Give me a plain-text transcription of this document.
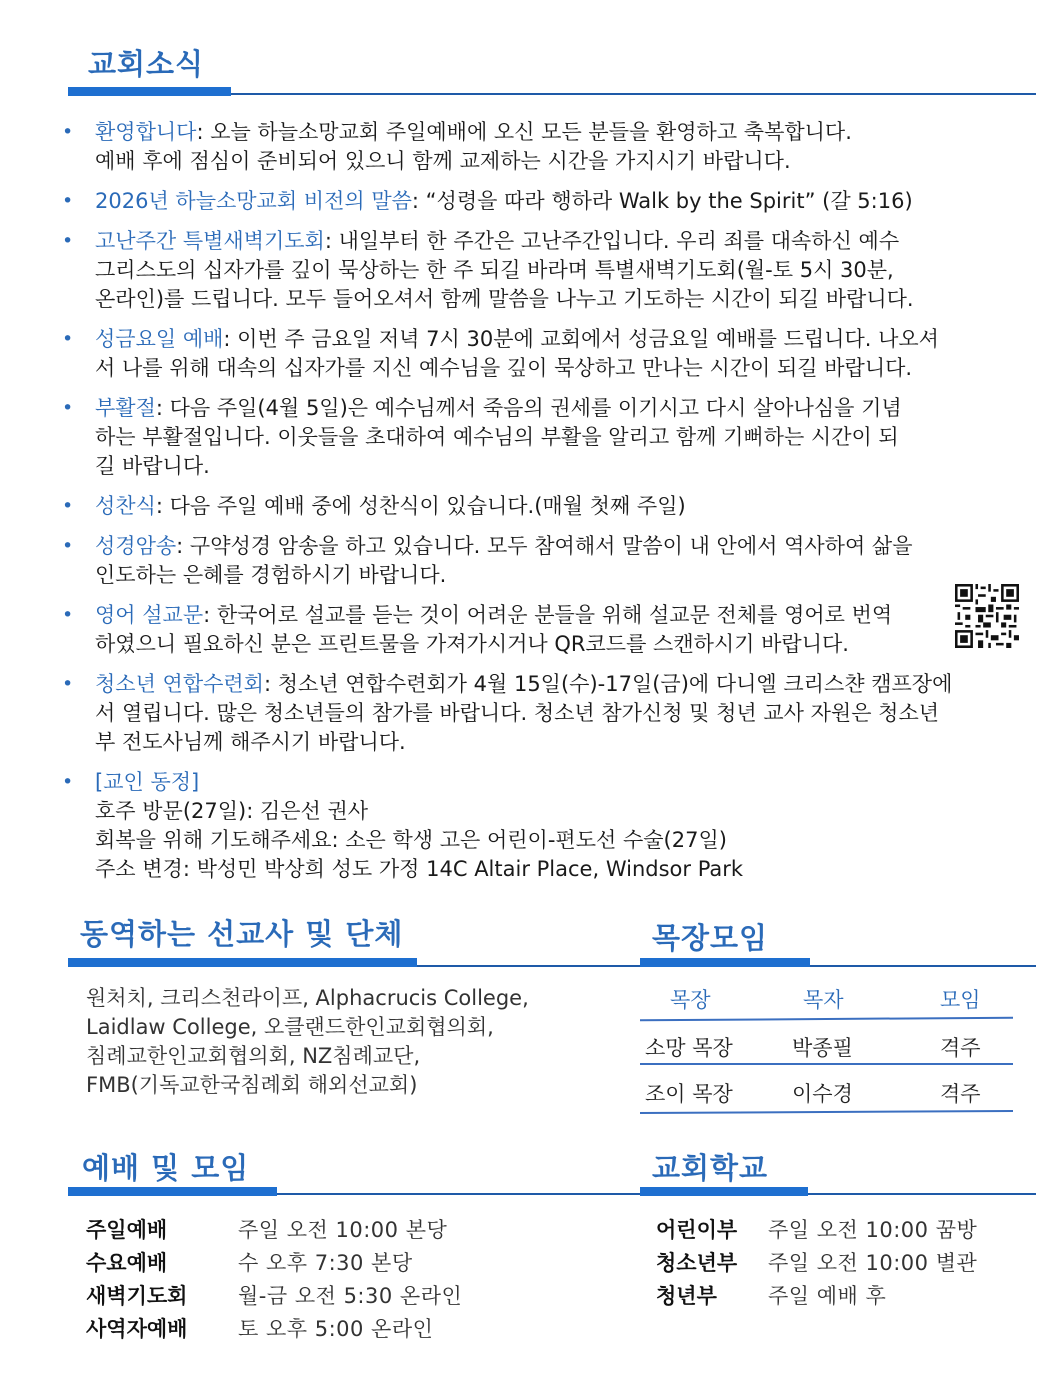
교회소식
• 환영합니다: 오늘 하늘소망교회 주일예배에 오신 모든 분들을 환영하고 축복합니다.
예배 후에 점심이 준비되어 있으니 함께 교제하는 시간을 가지시기 바랍니다.
• 2026년 하늘소망교회 비전의 말씀: “성령을 따라 행하라 Walk by the Spirit” (갈 5:16)
• 고난주간 특별새벽기도회: 내일부터 한 주간은 고난주간입니다. 우리 죄를 대속하신 예수
그리스도의 십자가를 깊이 묵상하는 한 주 되길 바라며 특별새벽기도회(월-토 5시 30분,
온라인)를 드립니다. 모두 들어오셔서 함께 말씀을 나누고 기도하는 시간이 되길 바랍니다.
• 성금요일 예배: 이번 주 금요일 저녁 7시 30분에 교회에서 성금요일 예배를 드립니다. 나오셔
서 나를 위해 대속의 십자가를 지신 예수님을 깊이 묵상하고 만나는 시간이 되길 바랍니다.
• 부활절: 다음 주일(4월 5일)은 예수님께서 죽음의 권세를 이기시고 다시 살아나심을 기념
하는 부활절입니다. 이웃들을 초대하여 예수님의 부활을 알리고 함께 기뻐하는 시간이 되
길 바랍니다.
• 성찬식: 다음 주일 예배 중에 성찬식이 있습니다.(매월 첫째 주일)
• 성경암송: 구약성경 암송을 하고 있습니다. 모두 참여해서 말씀이 내 안에서 역사하여 삶을
인도하는 은혜를 경험하시기 바랍니다.
• 영어 설교문: 한국어로 설교를 듣는 것이 어려운 분들을 위해 설교문 전체를 영어로 번역
하였으니 필요하신 분은 프린트물을 가져가시거나 QR코드를 스캔하시기 바랍니다.
• 청소년 연합수련회: 청소년 연합수련회가 4월 15일(수)-17일(금)에 다니엘 크리스챤 캠프장에
서 열립니다. 많은 청소년들의 참가를 바랍니다. 청소년 참가신청 및 청년 교사 자원은 청소년
부 전도사님께 해주시기 바랍니다.
• [교인 동정]
호주 방문(27일): 김은선 권사
회복을 위해 기도해주세요: 소은 학생 고은 어린이-편도선 수술(27일)
주소 변경: 박성민 박상희 성도 가정 14C Altair Place, Windsor Park
동역하는 선교사 및 단체	목장모임
원처치, 크리스천라이프, Alphacrucis College,
Laidlaw College, 오클랜드한인교회협의회,
침례교한인교회협의회, NZ침례교단,
FMB(기독교한국침례회 해외선교회)
목장	목자	모임
소망 목장	박종필	격주
조이 목장	이수경	격주
예배 및 모임	교회학교
주일예배	주일 오전 10:00 본당
수요예배	수 오후 7:30 본당
새벽기도회 월-금 오전 5:30 온라인
사역자예배 토 오후 5:00 온라인
어린이부 주일 오전 10:00 꿈방
청소년부 주일 오전 10:00 별관
청년부 주일 예배 후
